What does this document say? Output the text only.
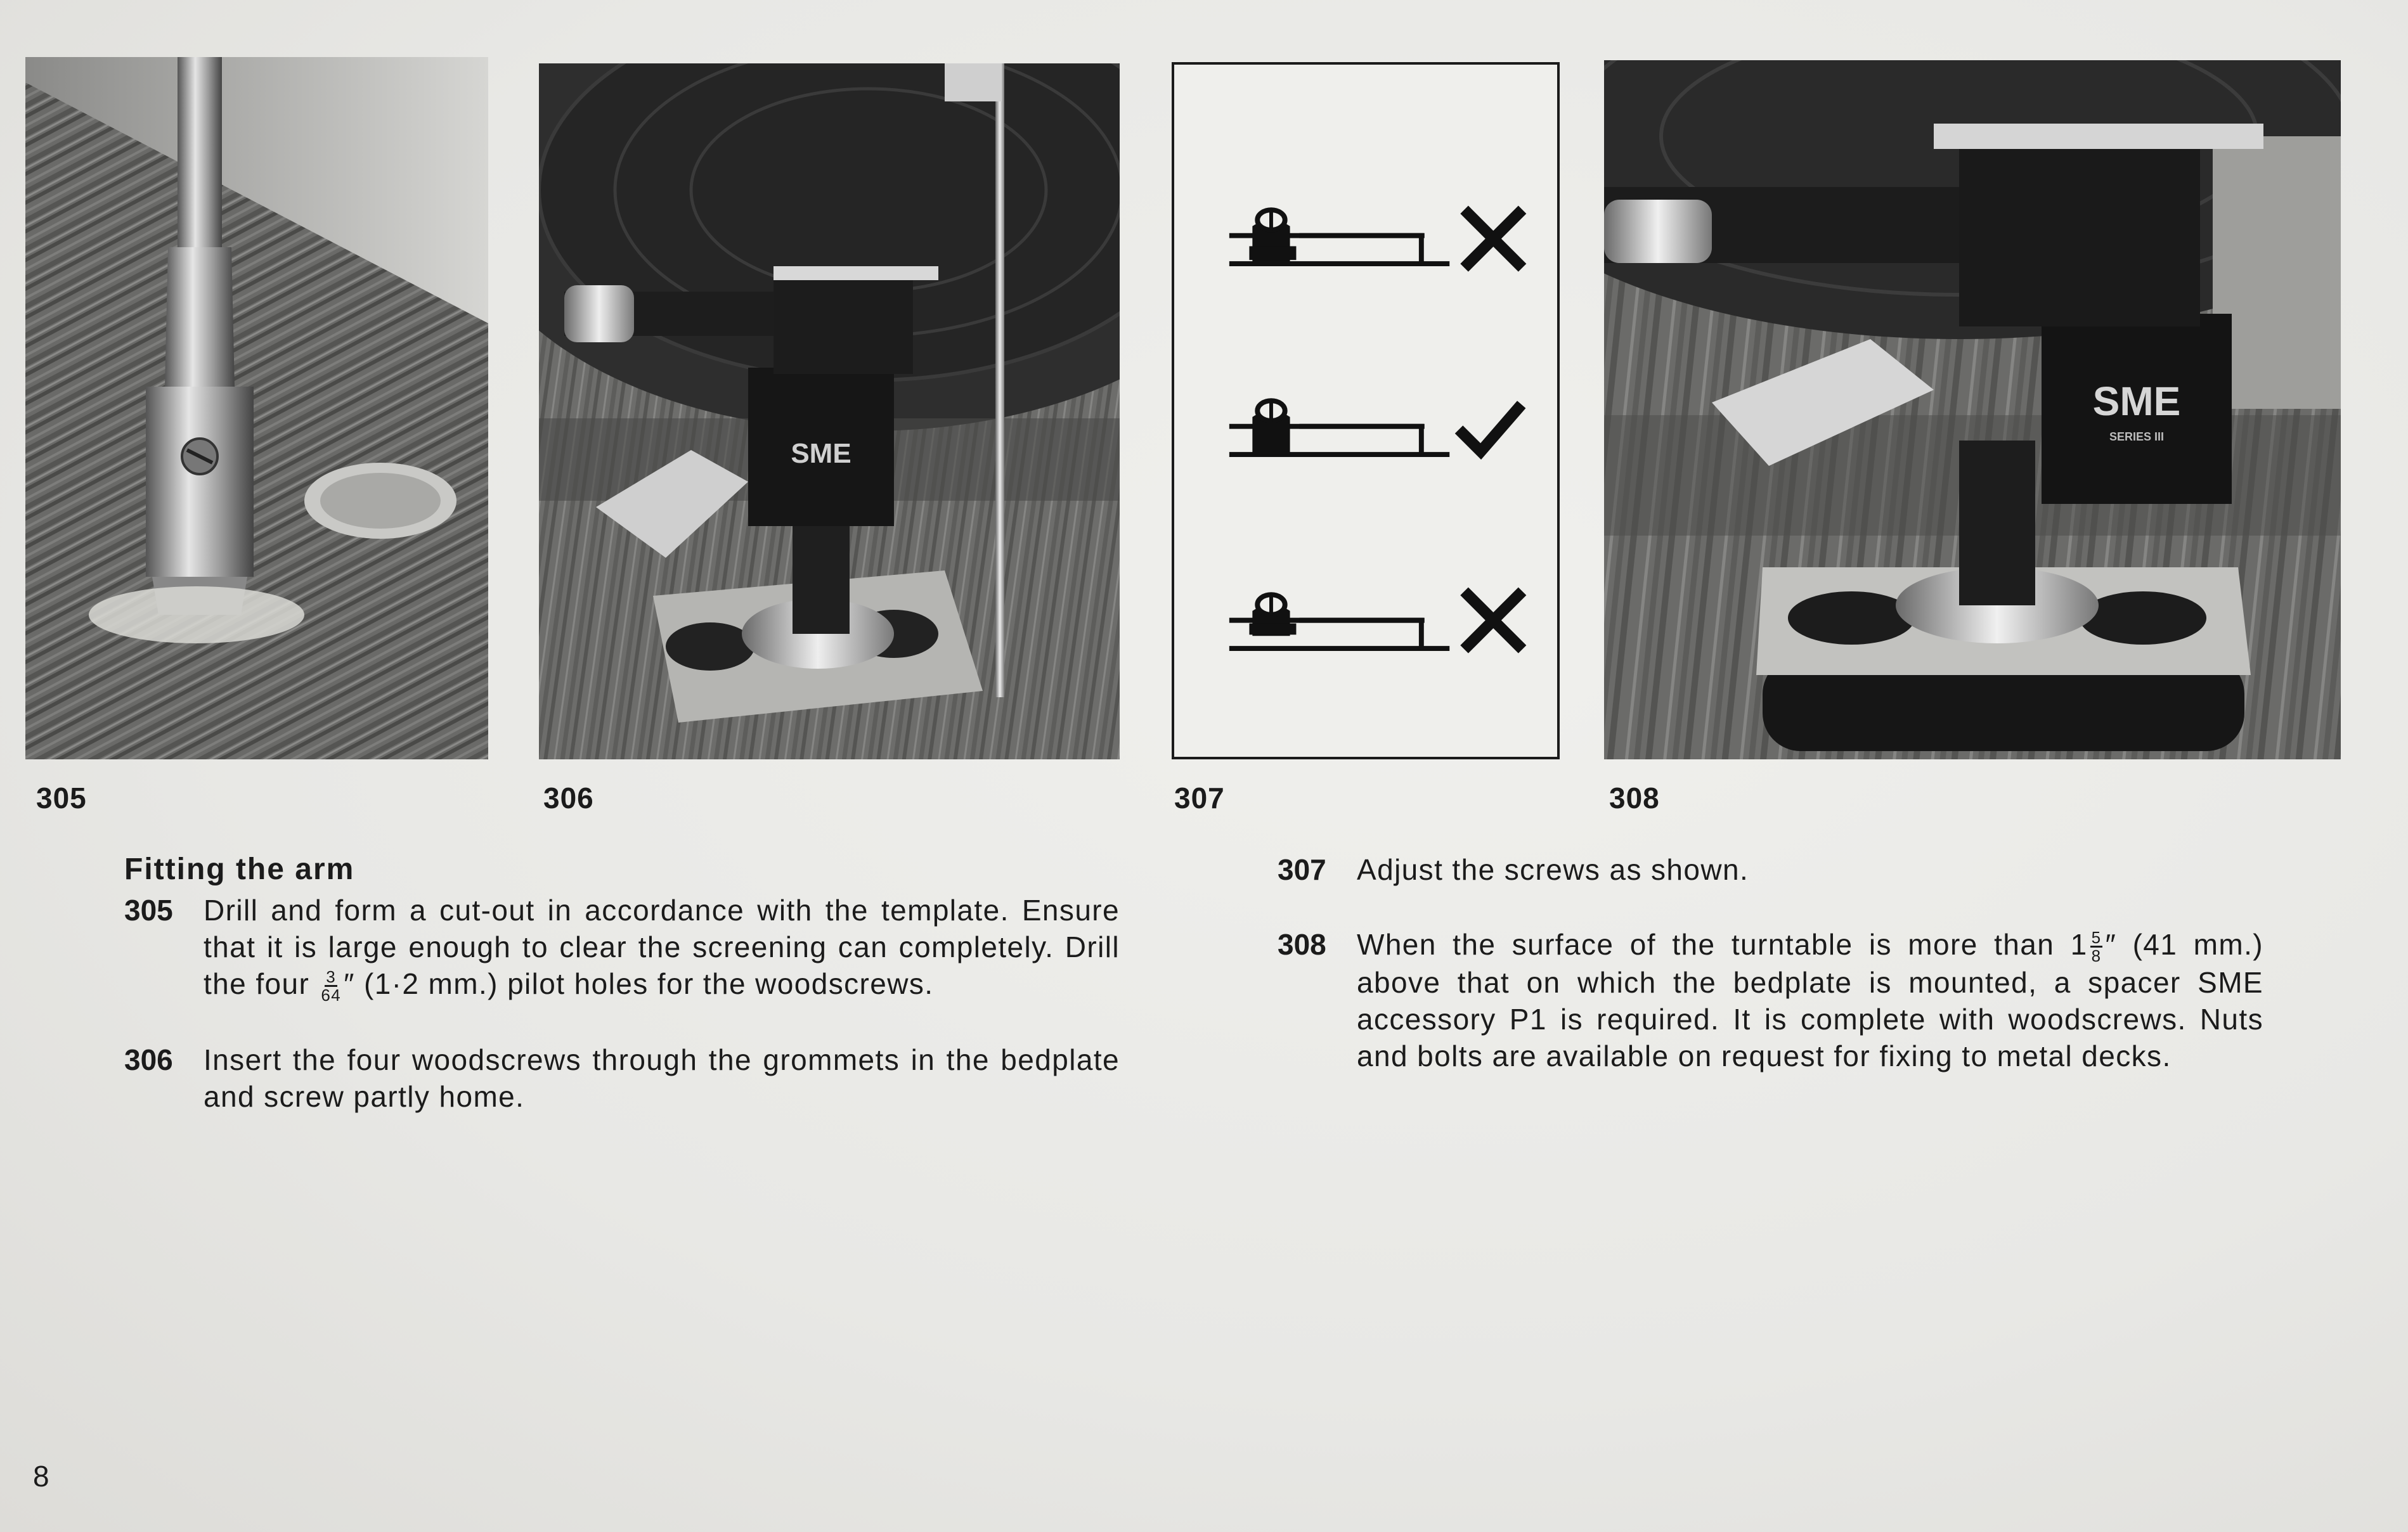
SME
SME
SERIES III
305	306	307	308
Fitting the arm
305	Drill and form a cut-out in accordance with the template. Ensure that it is large enough to clear the screening can completely. Drill the four $\frac{3}{64}$ ″ (1·2 mm.) pilot holes for the woodscrews.
306	Insert the four woodscrews through the grommets in the bedplate and screw partly home.
307	Adjust the screws as shown.
308	When the surface of the turntable is more than $1 \frac{5}{8}$ ″ (41 mm.) above that on which the bedplate is mounted, a spacer SME accessory P1 is required. It is complete with woodscrews. Nuts and bolts are available on request for fixing to metal decks.
8
